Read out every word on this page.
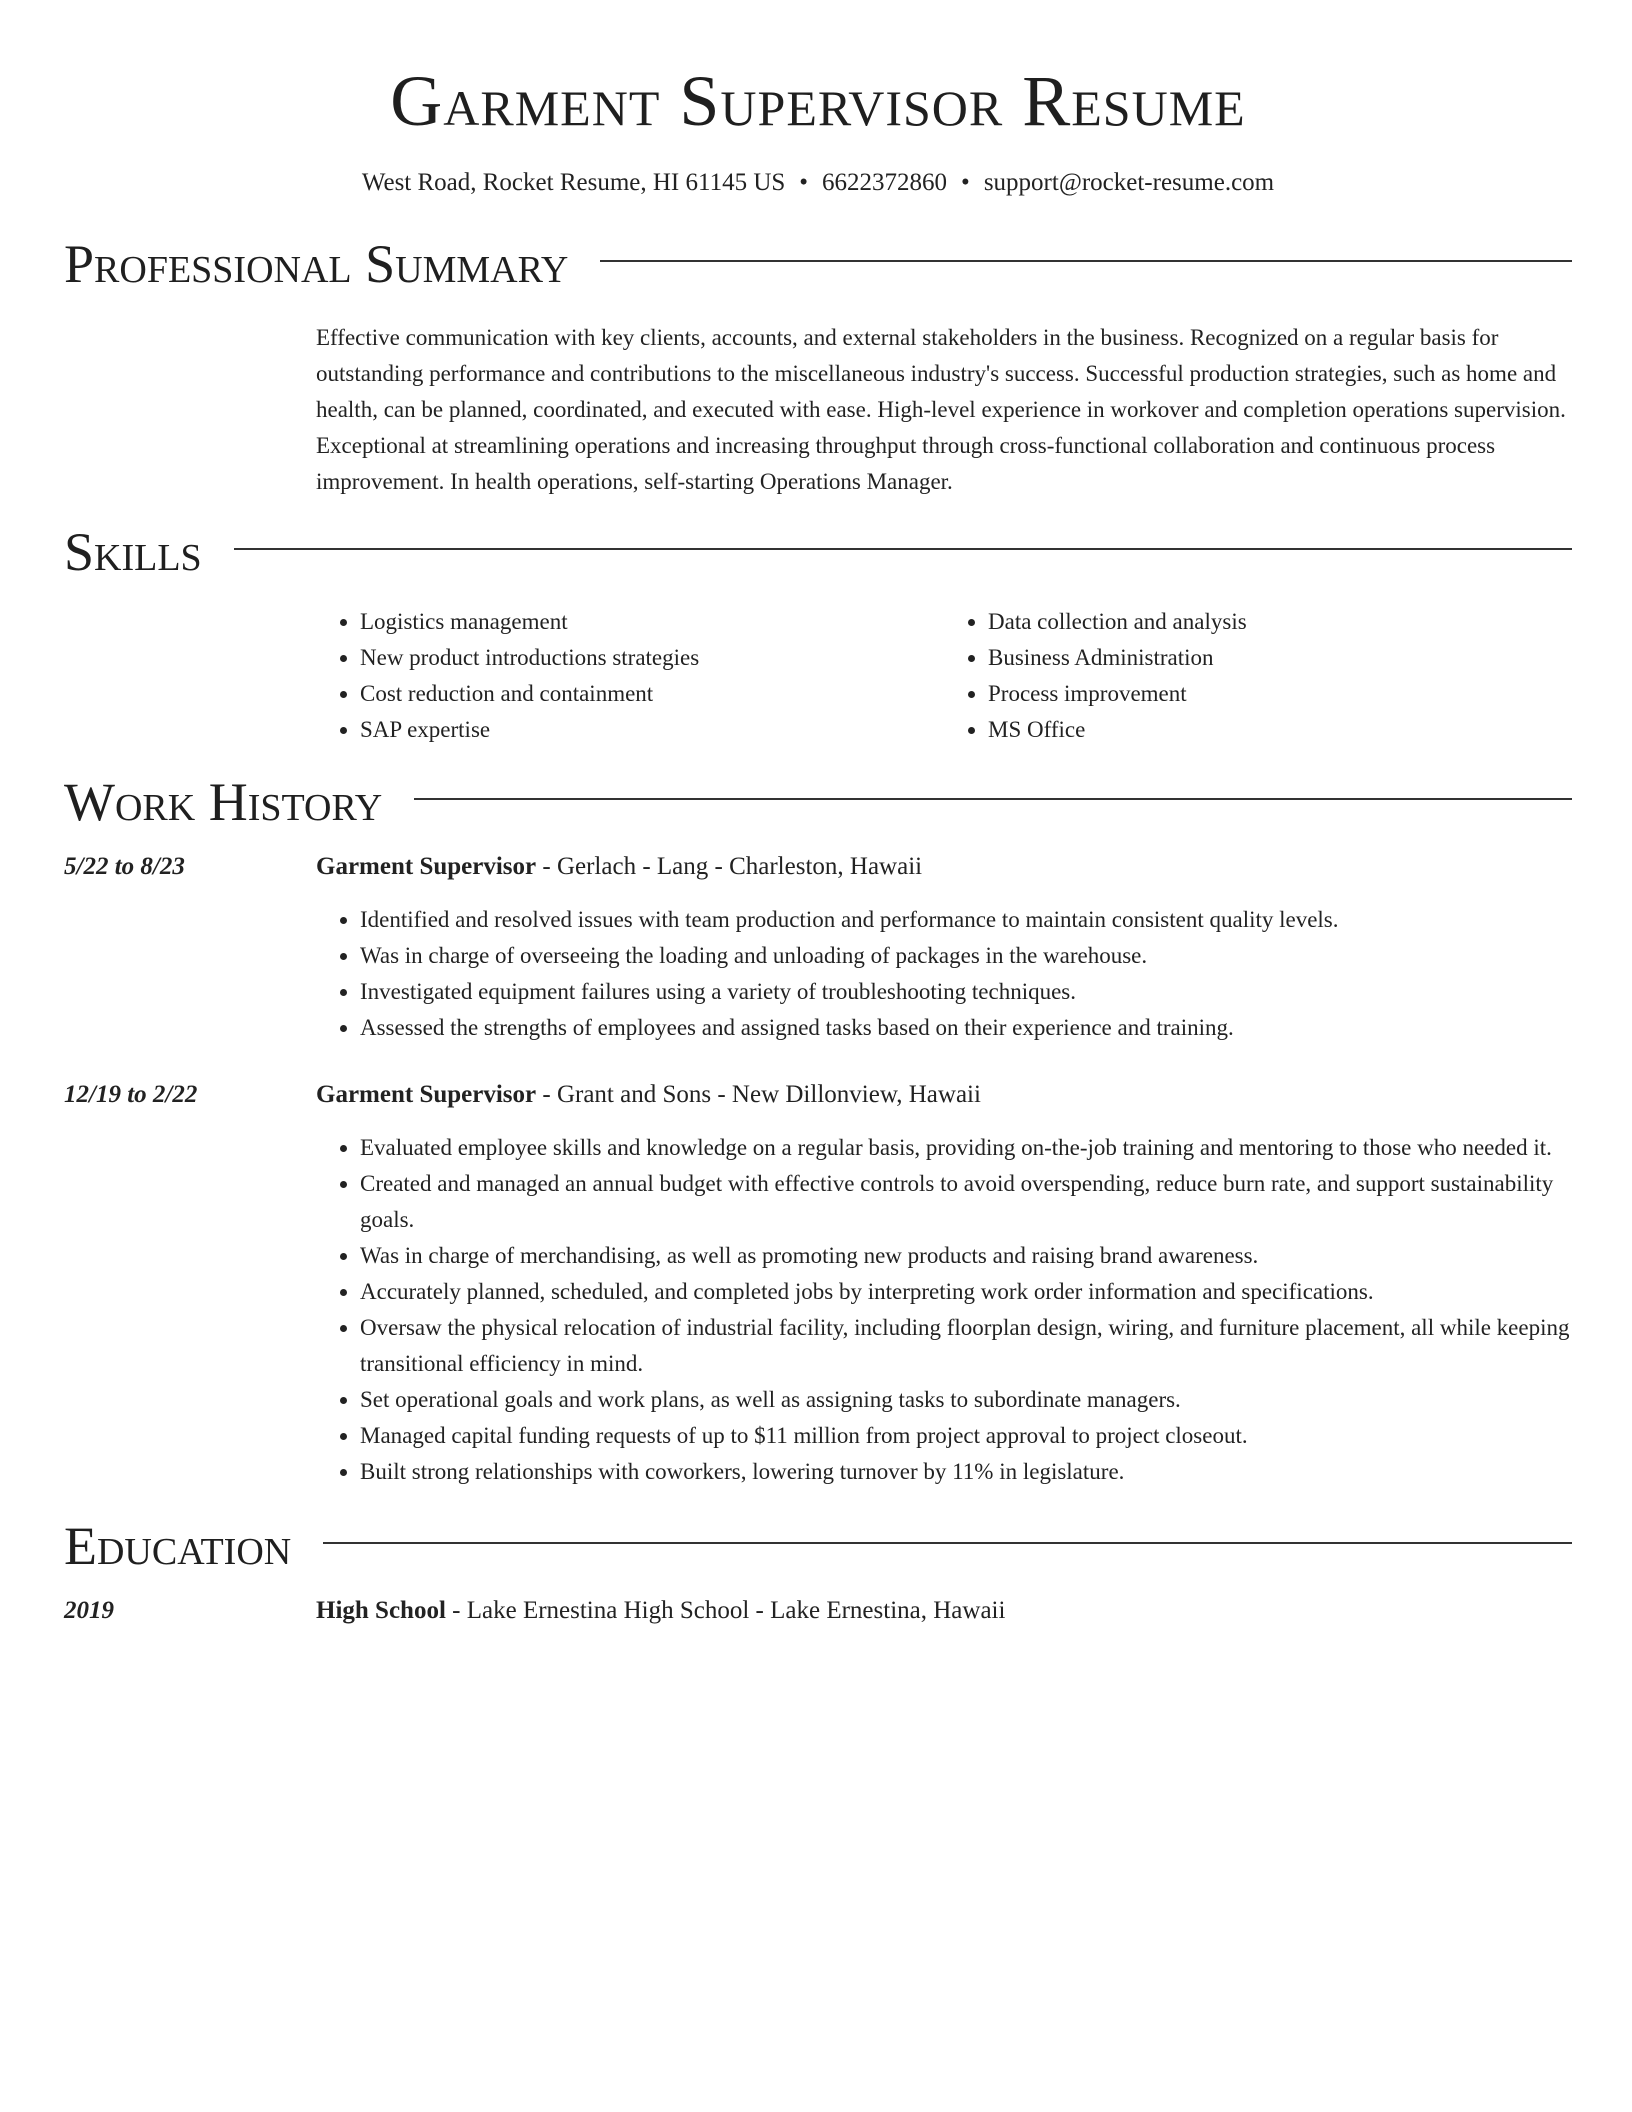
Garment Supervisor Resume
West Road, Rocket Resume, HI 61145 US • 6622372860 • support@rocket-resume.com
Professional Summary
Effective communication with key clients, accounts, and external stakeholders in the business. Recognized on a regular basis for outstanding performance and contributions to the miscellaneous industry's success. Successful production strategies, such as home and health, can be planned, coordinated, and executed with ease. High-level experience in workover and completion operations supervision. Exceptional at streamlining operations and increasing throughput through cross-functional collaboration and continuous process improvement. In health operations, self-starting Operations Manager.
Skills
• Logistics management
• New product introductions strategies
• Cost reduction and containment
• SAP expertise
• Data collection and analysis
• Business Administration
• Process improvement
• MS Office
Work History
5/22 to 8/23	Garment Supervisor - Gerlach - Lang - Charleston, Hawaii
• Identified and resolved issues with team production and performance to maintain consistent quality levels.
• Was in charge of overseeing the loading and unloading of packages in the warehouse.
• Investigated equipment failures using a variety of troubleshooting techniques.
• Assessed the strengths of employees and assigned tasks based on their experience and training.
12/19 to 2/22	Garment Supervisor - Grant and Sons - New Dillonview, Hawaii
• Evaluated employee skills and knowledge on a regular basis, providing on-the-job training and mentoring to those who needed it.
• Created and managed an annual budget with effective controls to avoid overspending, reduce burn rate, and support sustainability goals.
• Was in charge of merchandising, as well as promoting new products and raising brand awareness.
• Accurately planned, scheduled, and completed jobs by interpreting work order information and specifications.
• Oversaw the physical relocation of industrial facility, including floorplan design, wiring, and furniture placement, all while keeping transitional efficiency in mind.
• Set operational goals and work plans, as well as assigning tasks to subordinate managers.
• Managed capital funding requests of up to $11 million from project approval to project closeout.
• Built strong relationships with coworkers, lowering turnover by 11% in legislature.
Education
2019	High School - Lake Ernestina High School - Lake Ernestina, Hawaii
